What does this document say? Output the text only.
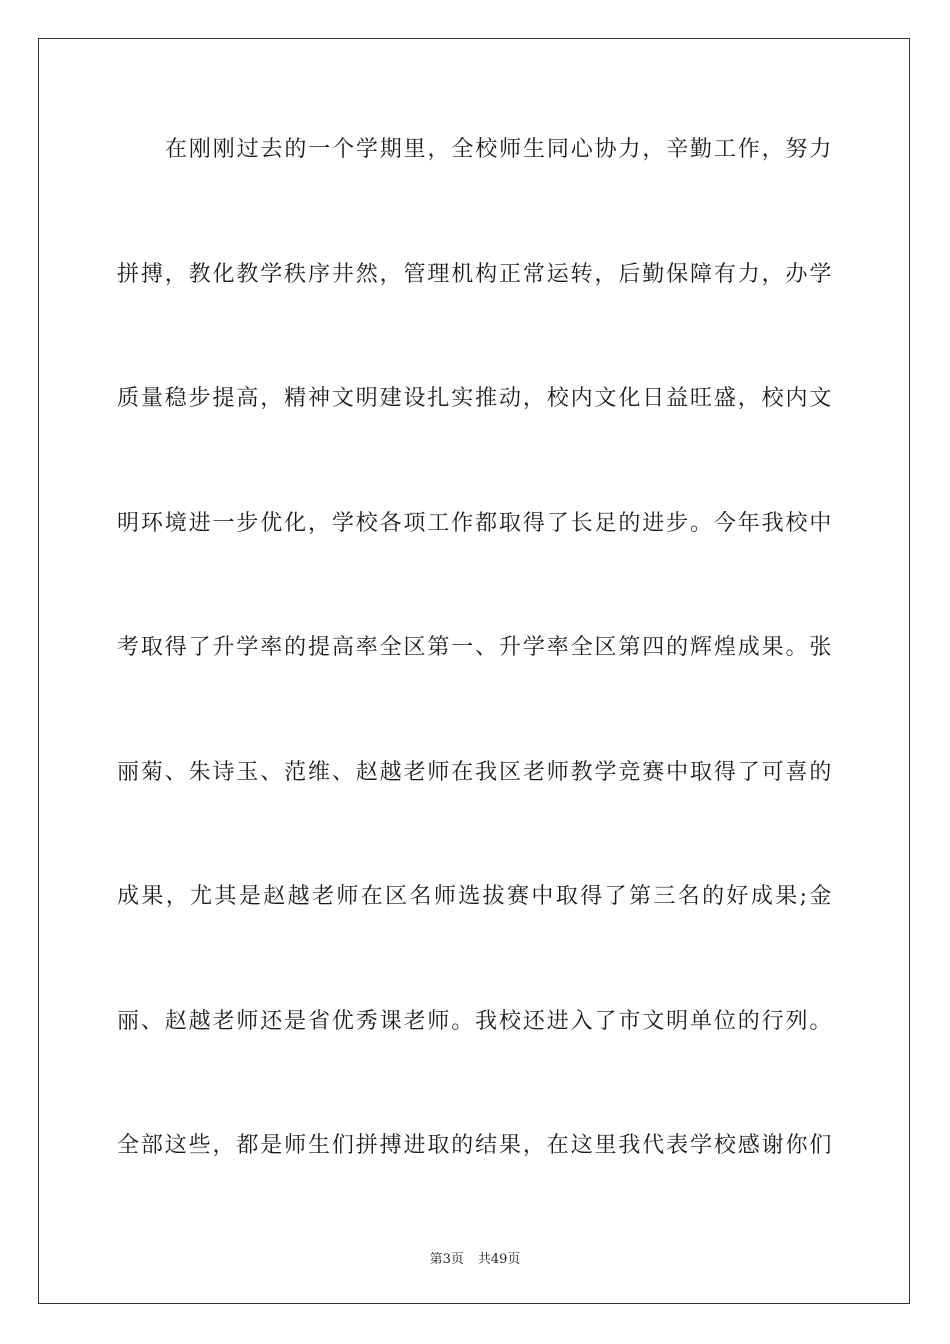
在刚刚过去的一个学期里，全校师生同心协力，辛勤工作，努力
拼搏，教化教学秩序井然，管理机构正常运转，后勤保障有力，办学
质量稳步提高，精神文明建设扎实推动，校内文化日益旺盛，校内文
明环境进一步优化，学校各项工作都取得了长足的进步。今年我校中
考取得了升学率的提高率全区第一、升学率全区第四的辉煌成果。张
丽菊、朱诗玉、范维、赵越老师在我区老师教学竞赛中取得了可喜的
成果，尤其是赵越老师在区名师选拔赛中取得了第三名的好成果;金
丽、赵越老师还是省优秀课老师。我校还进入了市文明单位的行列。
全部这些，都是师生们拼搏进取的结果，在这里我代表学校感谢你们
第3页 共49页
